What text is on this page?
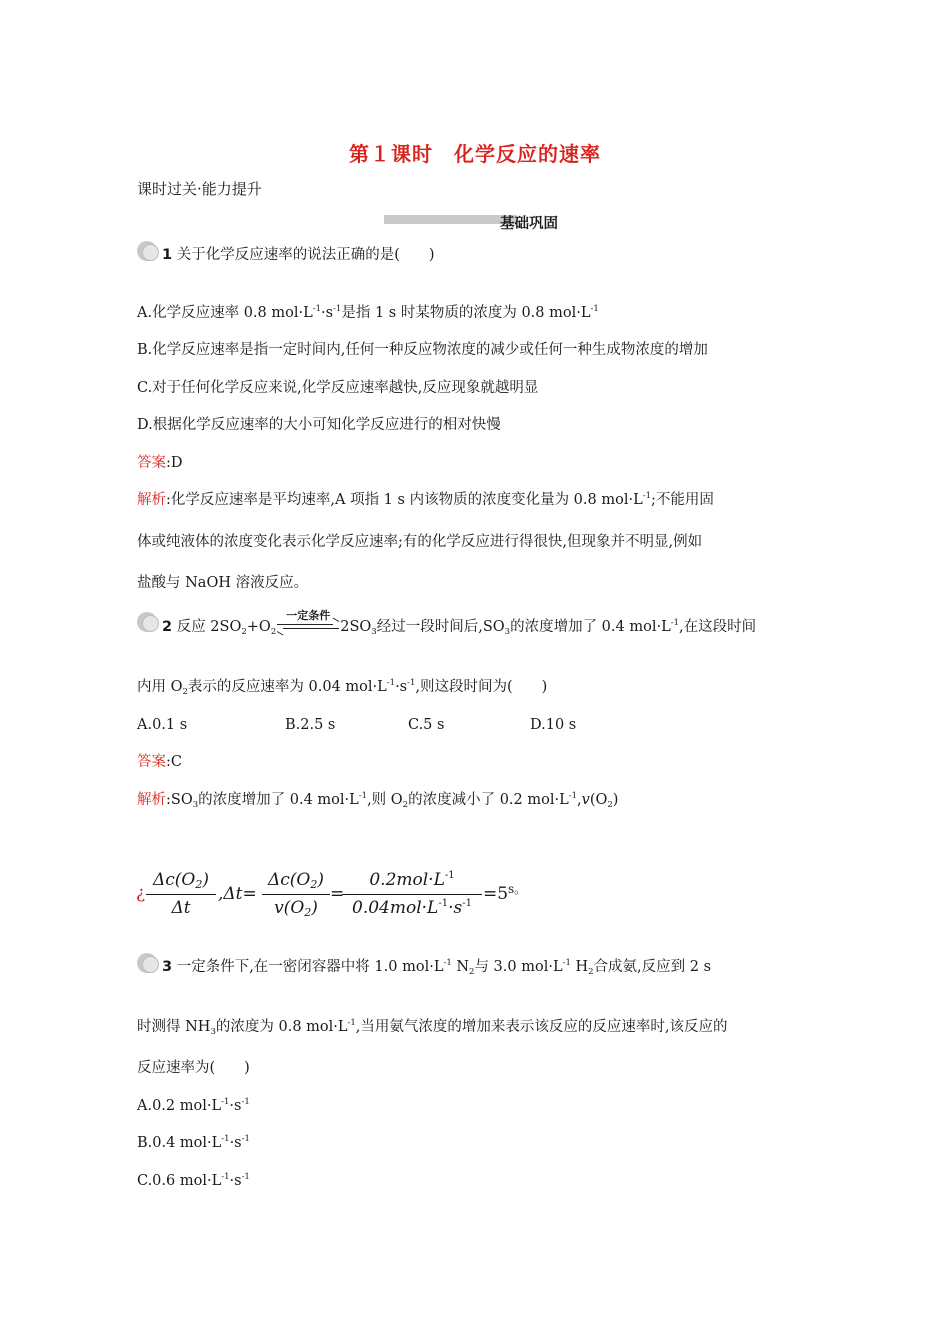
第１课时　化学反应的速率
课时过关·能力提升
基础巩固
1 关于化学反应速率的说法正确的是(　　)
A.化学反应速率 0.8 $mol\cdot L^{-1}\cdot s^{-1}$是指 1 s 时某物质的浓度为 0.8 $mol\cdot L^{-1}$
B.化学反应速率是指一定时间内,任何一种反应物浓度的减少或任何一种生成物浓度的增加
C.对于任何化学反应来说,化学反应速率越快,反应现象就越明显
D.根据化学反应速率的大小可知化学反应进行的相对快慢
答案:D
解析:化学反应速率是平均速率,A 项指 1 s 内该物质的浓度变化量为 0.8 $mol\cdot L^{-1}$;不能用固
体或纯液体的浓度变化表示化学反应速率;有的化学反应进行得很快,但现象并不明显,例如
盐酸与 NaOH 溶液反应。
2 反应 $2SO_2+O_2$
一定条件
$2SO_3$经过一段时间后$,SO_3$的浓度增加了 0.4 $mol\cdot L^{-1}$,在这段时间
内用 $O_2$表示的反应速率为 0.04 $mol\cdot L^{-1}\cdot s^{-1}$,则这段时间为(　　)
A.0.1 s	B.2.5 s	C.5 s	D.10 s
答案:C
解析$:SO_3$的浓度增加了 0.4 $mol\cdot L^{-1}$,则 $O_2$的浓度减小了 0.2 $mol\cdot L^{-1},v(O_2)$
¿
$\Delta c(O_2)$
Δt
,Δt=
$\Delta c(O_2)$
$v(O_2)$
=
$0.2mol\cdot L^{-1}$
$0.04mol\cdot L^{-1}\cdot s^{-1} =5$ s。
3 一定条件下,在一密闭容器中将 1.0 $mol\cdot L^{-1}$ $N_2$与 3.0 $mol\cdot L^{-1}$ $H_2$合成氨,反应到 2 s
时测得 $NH_3$的浓度为 0.8 $mol\cdot L^{-1}$,当用氨气浓度的增加来表示该反应的反应速率时,该反应的
反应速率为(　　)
A.0.2 $mol\cdot L^{-1}\cdot s^{-1}$
B.0.4 $mol\cdot L^{-1}\cdot s^{-1}$
C.0.6 $mol\cdot L^{-1}\cdot s^{-1}$
